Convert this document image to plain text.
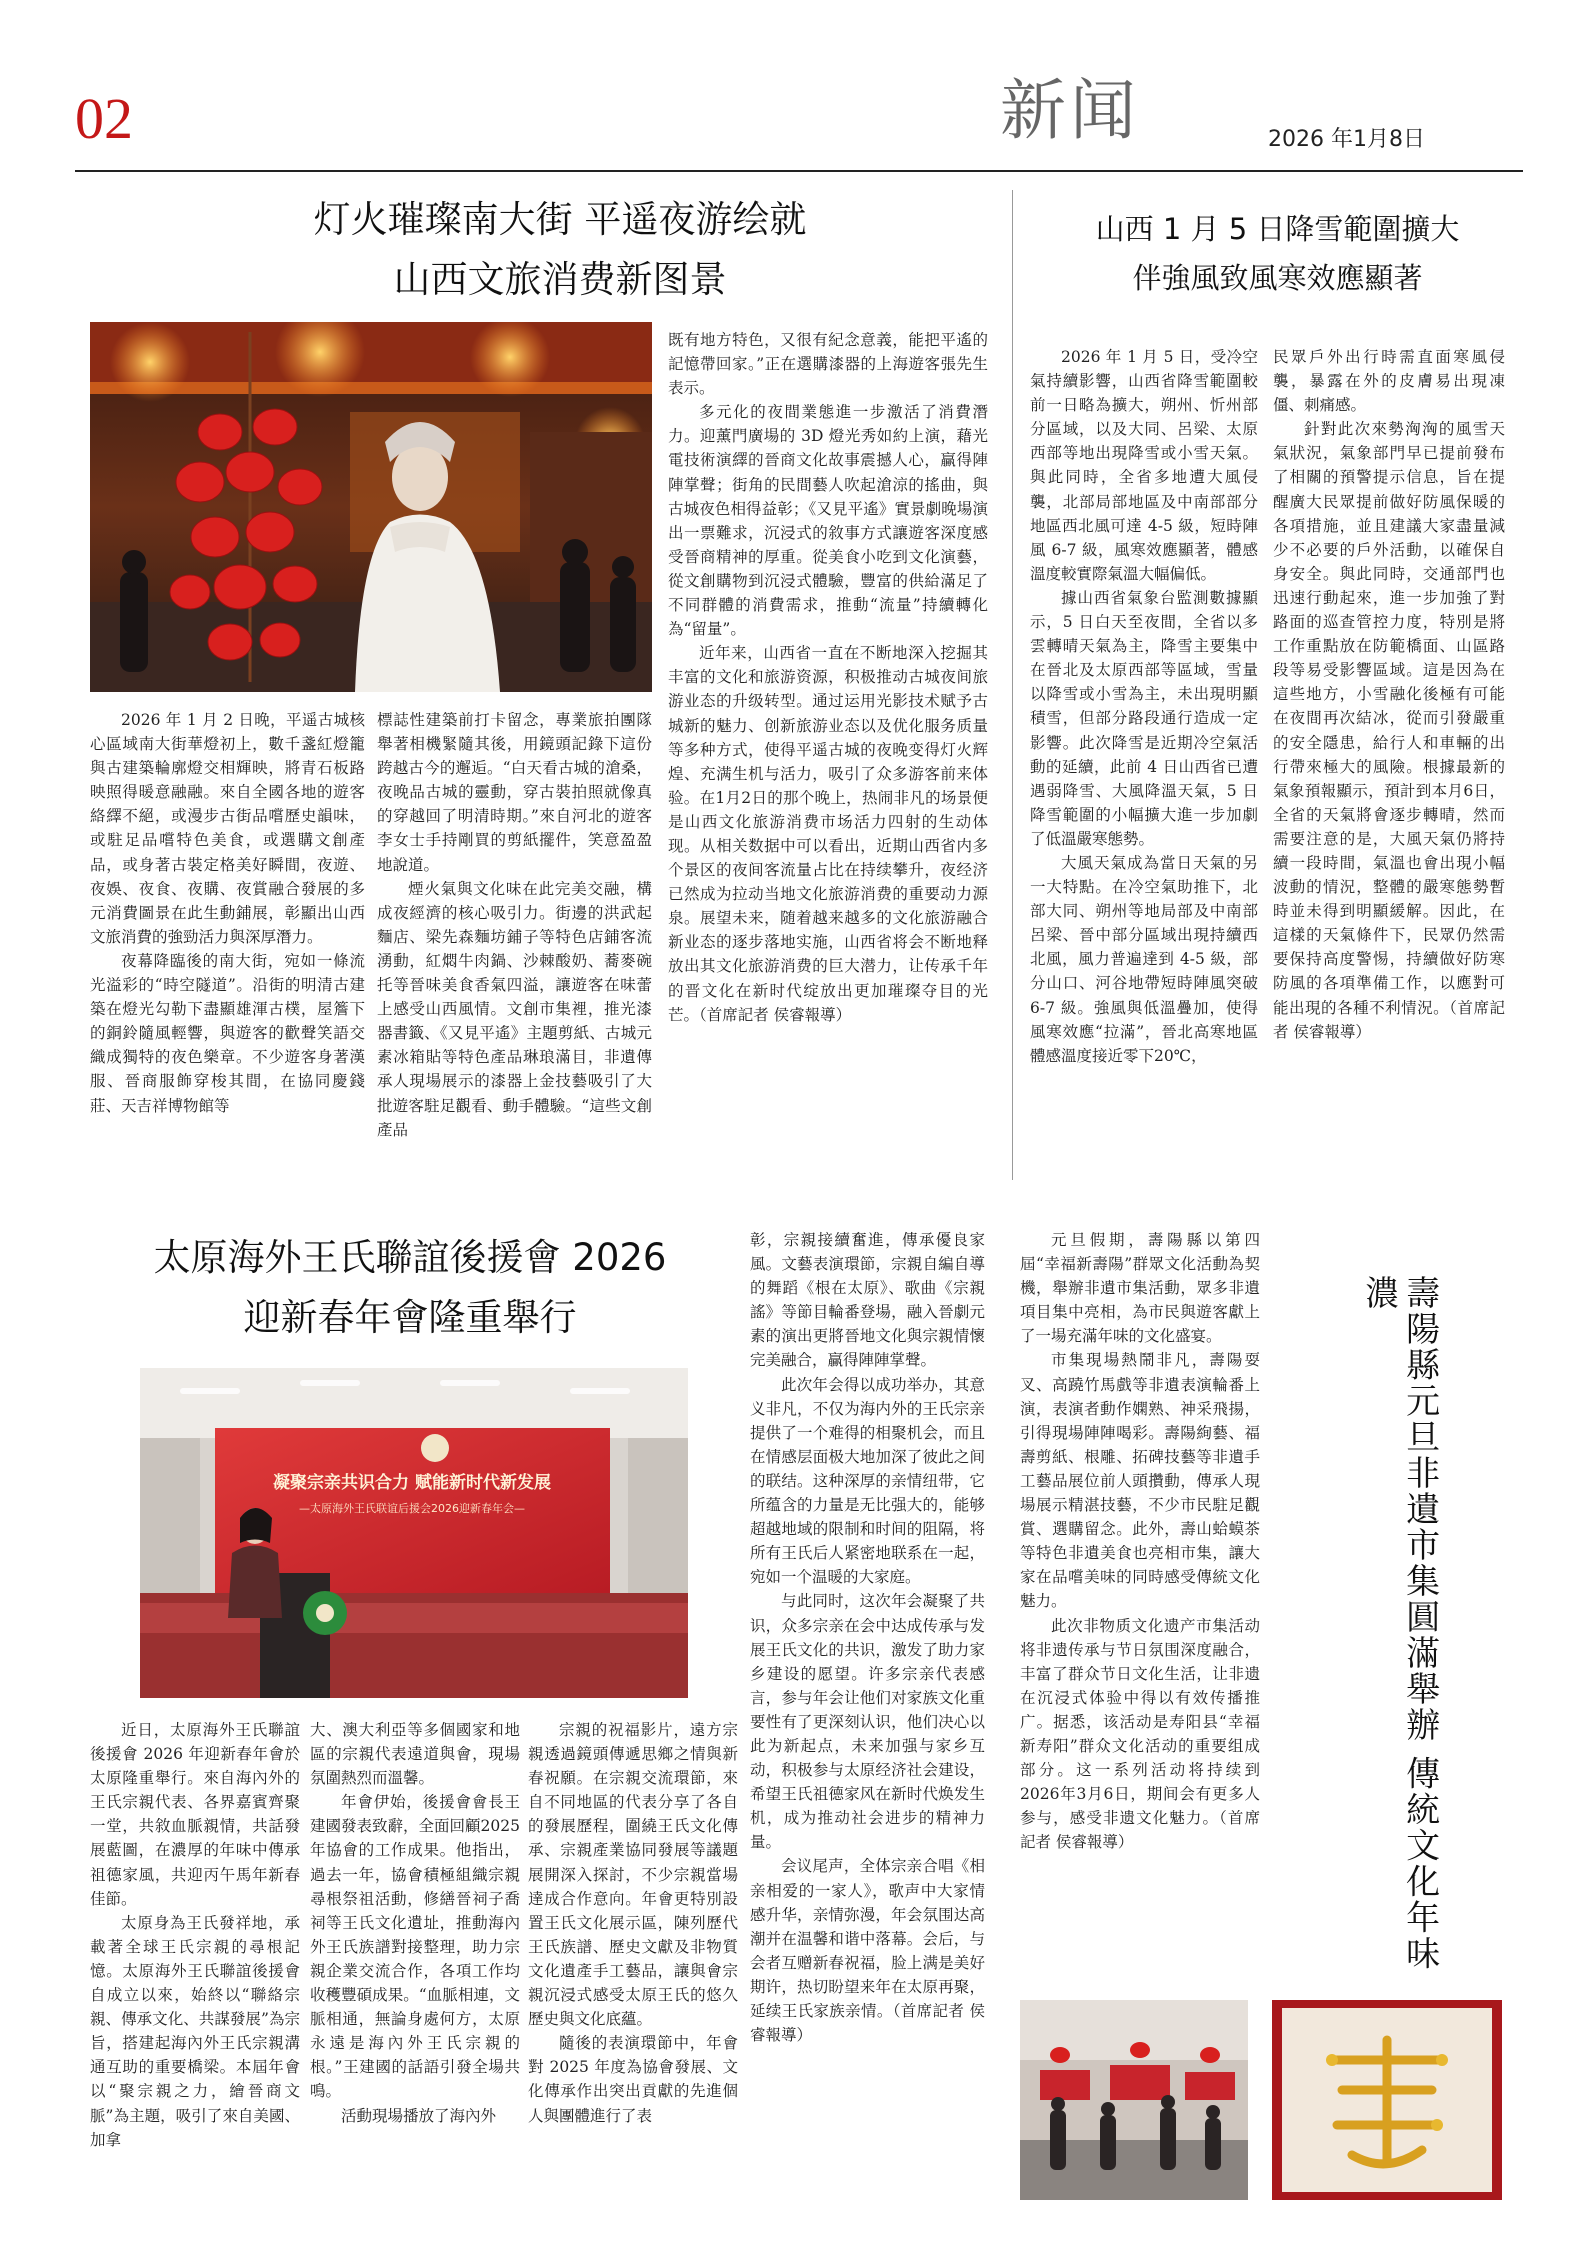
02	新闻	2026 年1月8日
灯火璀璨南大街 平遥夜游绘就
山西文旅消费新图景

2026 年 1 月 2 日晚，平遥古城核心區域南大街華燈初上，數千盞紅燈籠與古建築輪廓燈交相輝映，將青石板路映照得暖意融融。來自全國各地的遊客絡繹不絕，或漫步古街品嚐歷史韻味，或駐足品嚐特色美食，或選購文創產品，或身著古裝定格美好瞬間，夜遊、夜娛、夜食、夜購、夜賞融合發展的多元消費圖景在此生動鋪展，彰顯出山西文旅消費的強勁活力與深厚潛力。

夜幕降臨後的南大街，宛如一條流光溢彩的“時空隧道”。沿街的明清古建築在燈光勾勒下盡顯雄渾古樸，屋簷下的銅鈴隨風輕響，與遊客的歡聲笑語交織成獨特的夜色樂章。不少遊客身著漢服、晉商服飾穿梭其間，在協同慶錢莊、天吉祥博物館等

標誌性建築前打卡留念，專業旅拍團隊舉著相機緊隨其後，用鏡頭記錄下這份跨越古今的邂逅。“白天看古城的滄桑，夜晚品古城的靈動，穿古裝拍照就像真的穿越回了明清時期。”來自河北的遊客李女士手持剛買的剪紙擺件，笑意盈盈地說道。

煙火氣與文化味在此完美交融，構成夜經濟的核心吸引力。街邊的洪武起麵店、梁先森麵坊鋪子等特色店鋪客流湧動，紅燜牛肉鍋、沙棘酸奶、蕎麥碗托等晉味美食香氣四溢，讓遊客在味蕾上感受山西風情。文創市集裡，推光漆器書籤、《又見平遙》主題剪紙、古城元素冰箱貼等特色產品琳琅滿目，非遺傳承人現場展示的漆器上金技藝吸引了大批遊客駐足觀看、動手體驗。“這些文創產品

既有地方特色，又很有紀念意義，能把平遙的記憶帶回家。”正在選購漆器的上海遊客張先生表示。

多元化的夜間業態進一步激活了消費潛力。迎薰門廣場的 3D 燈光秀如約上演，藉光電技術演繹的晉商文化故事震撼人心，贏得陣陣掌聲；街角的民間藝人吹起滄涼的搖曲，與古城夜色相得益彰；《又見平遙》實景劇晚場演出一票難求，沉浸式的敘事方式讓遊客深度感受晉商精神的厚重。從美食小吃到文化演藝，從文創購物到沉浸式體驗，豐富的供給滿足了不同群體的消費需求，推動“流量”持續轉化為“留量”。

近年来，山西省一直在不断地深入挖掘其丰富的文化和旅游资源，积极推动古城夜间旅游业态的升级转型。通过运用光影技术赋予古城新的魅力、创新旅游业态以及优化服务质量等多种方式，使得平遥古城的夜晚变得灯火辉煌、充满生机与活力，吸引了众多游客前来体验。在1月2日的那个晚上，热闹非凡的场景便是山西文化旅游消费市场活力四射的生动体现。从相关数据中可以看出，近期山西省内多个景区的夜间客流量占比在持续攀升，夜经济已然成为拉动当地文化旅游消费的重要动力源泉。展望未来，随着越来越多的文化旅游融合新业态的逐步落地实施，山西省将会不断地释放出其文化旅游消费的巨大潜力，让传承千年的晋文化在新时代绽放出更加璀璨夺目的光芒。（首席記者 侯睿報導）

山西 1 月 5 日降雪範圍擴大
伴強風致風寒效應顯著

2026 年 1 月 5 日，受冷空氣持續影響，山西省降雪範圍較前一日略為擴大，朔州、忻州部分區域，以及大同、呂梁、太原西部等地出現降雪或小雪天氣。與此同時，全省多地遭大風侵襲，北部局部地區及中南部部分地區西北風可達 4-5 級，短時陣風 6-7 級，風寒效應顯著，體感溫度較實際氣溫大幅偏低。

據山西省氣象台監測數據顯示，5 日白天至夜間，全省以多雲轉晴天氣為主，降雪主要集中在晉北及太原西部等區域，雪量以降雪或小雪為主，未出現明顯積雪，但部分路段通行造成一定影響。此次降雪是近期冷空氣活動的延續，此前 4 日山西省已遭遇弱降雪、大風降溫天氣，5 日降雪範圍的小幅擴大進一步加劇了低溫嚴寒態勢。

大風天氣成為當日天氣的另一大特點。在冷空氣助推下，北部大同、朔州等地局部及中南部呂梁、晉中部分區域出現持續西北風，風力普遍達到 4-5 級，部分山口、河谷地帶短時陣風突破 6-7 級。強風與低溫疊加，使得風寒效應“拉滿”，晉北高寒地區體感溫度接近零下20℃，

民眾戶外出行時需直面寒風侵襲，暴露在外的皮膚易出現凍僵、刺痛感。

針對此次來勢洶洶的風雪天氣狀況，氣象部門早已提前發布了相關的預警提示信息，旨在提醒廣大民眾提前做好防風保暖的各項措施，並且建議大家盡量減少不必要的戶外活動，以確保自身安全。與此同時，交通部門也迅速行動起來，進一步加強了對路面的巡查管控力度，特別是將工作重點放在防範橋面、山區路段等易受影響區域。這是因為在這些地方，小雪融化後極有可能在夜間再次結冰，從而引發嚴重的安全隱患，給行人和車輛的出行帶來極大的風險。根據最新的氣象預報顯示，預計到本月6日，全省的天氣將會逐步轉晴，然而需要注意的是，大風天氣仍將持續一段時間，氣溫也會出現小幅波動的情況，整體的嚴寒態勢暫時並未得到明顯緩解。因此，在這樣的天氣條件下，民眾仍然需要保持高度警惕，持續做好防寒防風的各項準備工作，以應對可能出現的各種不利情況。（首席記者 侯睿報導）

太原海外王氏聯誼後援會 2026
迎新春年會隆重舉行
凝聚宗亲共识合力 赋能新时代新发展
—太原海外王氏联谊后援会2026迎新春年会—

近日，太原海外王氏聯誼後援會 2026 年迎新春年會於太原隆重舉行。來自海內外的王氏宗親代表、各界嘉賓齊聚一堂，共敘血脈親情，共話發展藍圖，在濃厚的年味中傳承祖德家風，共迎丙午馬年新春佳節。

太原身為王氏發祥地，承載著全球王氏宗親的尋根記憶。太原海外王氏聯誼後援會自成立以來，始終以“聯絡宗親、傳承文化、共謀發展”為宗旨，搭建起海內外王氏宗親溝通互助的重要橋梁。本屆年會以“聚宗親之力，繪晉商文脈”為主題，吸引了來自美國、加拿

大、澳大利亞等多個國家和地區的宗親代表遠道與會，現場氛圍熱烈而溫馨。

年會伊始，後援會會長王建國發表致辭，全面回顧2025 年協會的工作成果。他指出，過去一年，協會積極組織宗親尋根祭祖活動，修繕晉祠子喬祠等王氏文化遺址，推動海內外王氏族譜對接整理，助力宗親企業交流合作，各項工作均收穫豐碩成果。“血脈相連，文脈相通，無論身處何方，太原永遠是海內外王氏宗親的根。”王建國的話語引發全場共鳴。

活動現場播放了海內外

宗親的祝福影片，遠方宗親透過鏡頭傳遞思鄉之情與新春祝願。在宗親交流環節，來自不同地區的代表分享了各自的發展歷程，圍繞王氏文化傳承、宗親產業協同發展等議題展開深入探討，不少宗親當場達成合作意向。年會更特別設置王氏文化展示區，陳列歷代王氏族譜、歷史文獻及非物質文化遺產手工藝品，讓與會宗親沉浸式感受太原王氏的悠久歷史與文化底蘊。

隨後的表演環節中，年會對 2025 年度為協會發展、文化傳承作出突出貢獻的先進個人與團體進行了表

彰，宗親接續奮進，傳承優良家風。文藝表演環節，宗親自編自導的舞蹈《根在太原》、歌曲《宗親謠》等節目輪番登場，融入晉劇元素的演出更將晉地文化與宗親情懷完美融合，贏得陣陣掌聲。

此次年会得以成功举办，其意义非凡，不仅为海内外的王氏宗亲提供了一个难得的相聚机会，而且在情感层面极大地加深了彼此之间的联结。这种深厚的亲情纽带，它所蕴含的力量是无比强大的，能够超越地域的限制和时间的阻隔，将所有王氏后人紧密地联系在一起，宛如一个温暖的大家庭。

与此同时，这次年会凝聚了共识，众多宗亲在会中达成传承与发展王氏文化的共识，激发了助力家乡建设的愿望。许多宗亲代表感言，参与年会让他们对家族文化重要性有了更深刻认识，他们决心以此为新起点，未来加强与家乡互动，积极参与太原经济社会建设，希望王氏祖德家风在新时代焕发生机，成为推动社会进步的精神力量。

会议尾声，全体宗亲合唱《相亲相爱的一家人》，歌声中大家情感升华，亲情弥漫，年会氛围达高潮并在温馨和谐中落幕。会后，与会者互赠新春祝福，脸上满是美好期许，热切盼望来年在太原再聚，延续王氏家族亲情。（首席記者 侯睿報導）

元旦假期，壽陽縣以第四屆“幸福新壽陽”群眾文化活動為契機，舉辦非遺市集活動，眾多非遺項目集中亮相，為市民與遊客獻上了一場充滿年味的文化盛宴。

市集現場熱鬧非凡，壽陽耍叉、高蹺竹馬戲等非遺表演輪番上演，表演者動作嫻熟、神采飛揚，引得現場陣陣喝彩。壽陽絢藝、福壽剪紙、根雕、拓碑技藝等非遺手工藝品展位前人頭攢動，傳承人現場展示精湛技藝，不少市民駐足觀賞、選購留念。此外，壽山蛤蟆茶等特色非遺美食也亮相市集，讓大家在品嚐美味的同時感受傳統文化魅力。

此次非物质文化遗产市集活动将非遗传承与节日氛围深度融合，丰富了群众节日文化生活，让非遗在沉浸式体验中得以有效传播推广。据悉，该活动是寿阳县“幸福新寿阳”群众文化活动的重要组成部分。这一系列活动将持续到2026年3月6日，期间会有更多人参与，感受非遗文化魅力。（首席記者 侯睿報導）	壽陽縣元旦非遺市集圓滿舉辦 傳統文化年味濃
